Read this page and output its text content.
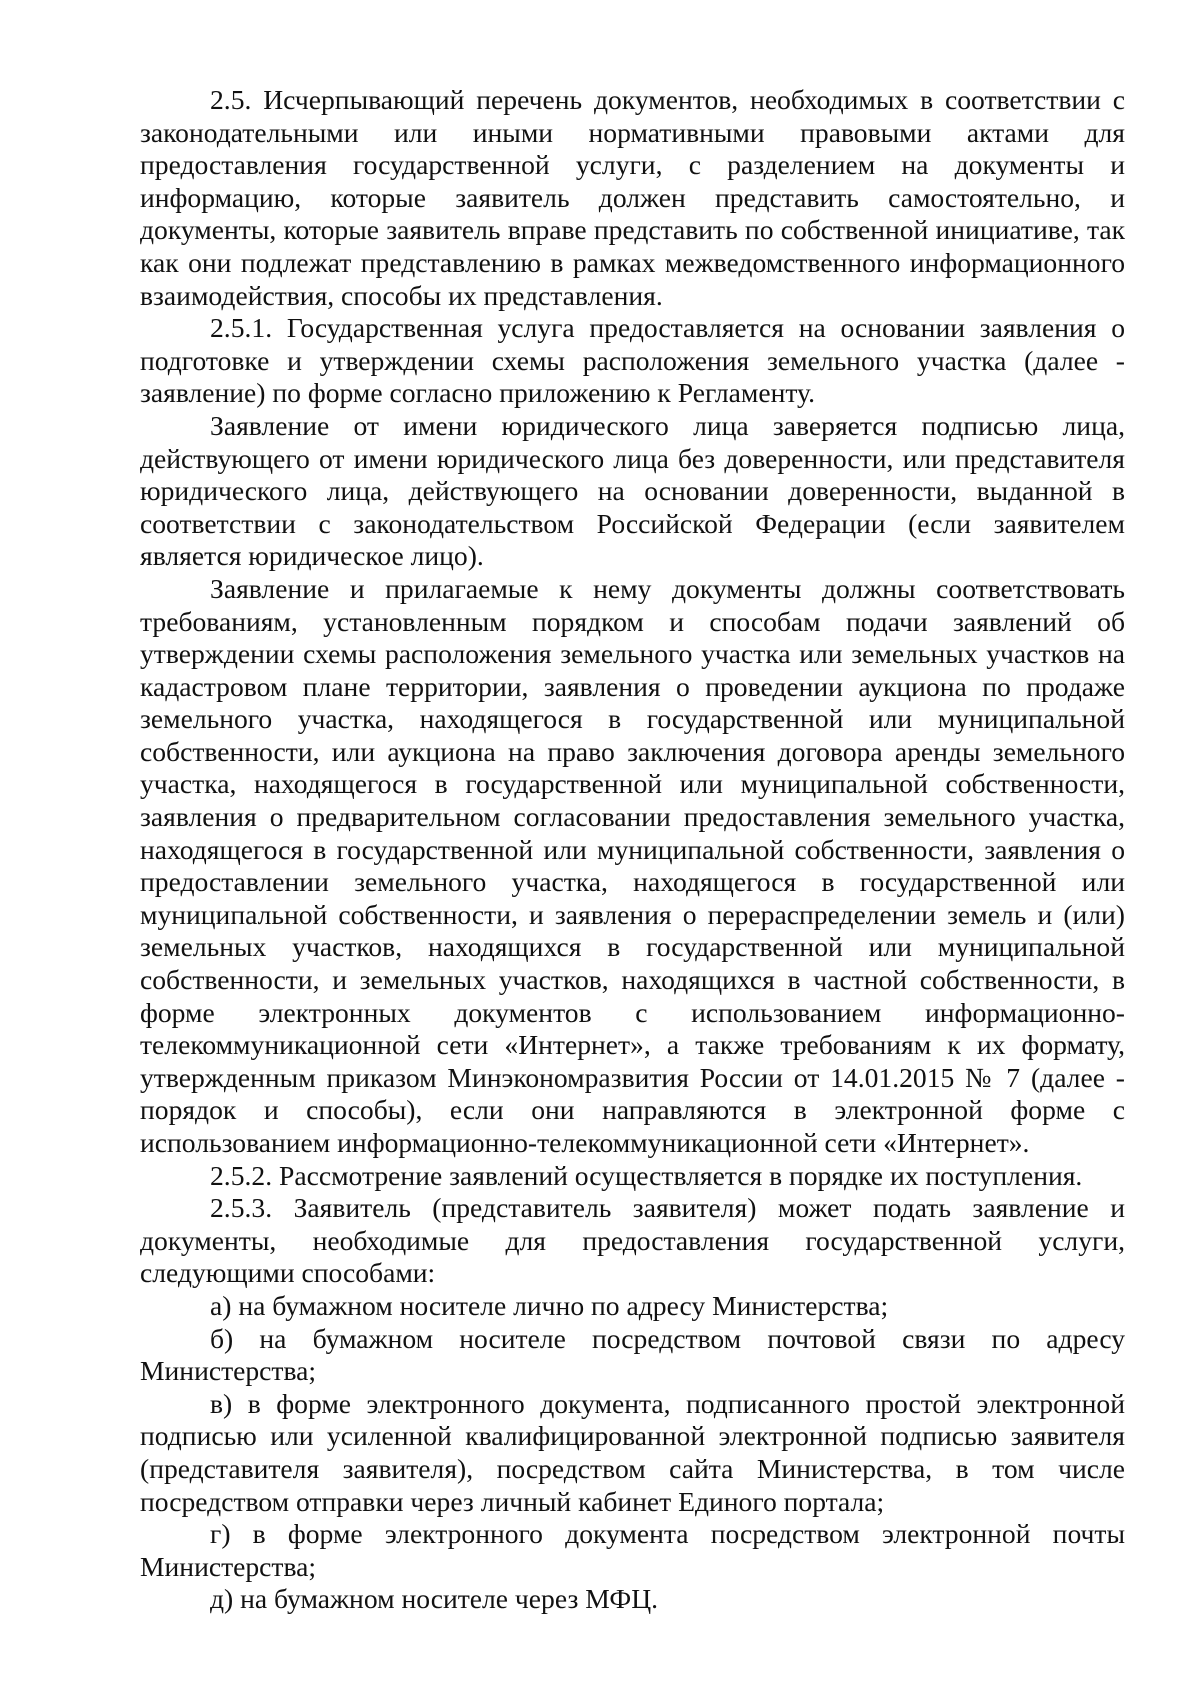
2.5. Исчерпывающий перечень документов, необходимых в соответствии с законодательными или иными нормативными правовыми актами для предоставления государственной услуги, с разделением на документы и информацию, которые заявитель должен представить самостоятельно, и документы, которые заявитель вправе представить по собственной инициативе, так как они подлежат представлению в рамках межведомственного информационного взаимодействия, способы их представления.

2.5.1. Государственная услуга предоставляется на основании заявления о подготовке и утверждении схемы расположения земельного участка (далее - заявление) по форме согласно приложению к Регламенту.

Заявление от имени юридического лица заверяется подписью лица, действующего от имени юридического лица без доверенности, или представителя юридического лица, действующего на основании доверенности, выданной в соответствии с законодательством Российской Федерации (если заявителем является юридическое лицо).

Заявление и прилагаемые к нему документы должны соответствовать требованиям, установленным порядком и способам подачи заявлений об утверждении схемы расположения земельного участка или земельных участков на кадастровом плане территории, заявления о проведении аукциона по продаже земельного участка, находящегося в государственной или муниципальной собственности, или аукциона на право заключения договора аренды земельного участка, находящегося в государственной или муниципальной собственности, заявления о предварительном согласовании предоставления земельного участка, находящегося в государственной или муниципальной собственности, заявления о предоставлении земельного участка, находящегося в государственной или муниципальной собственности, и заявления о перераспределении земель и (или) земельных участков, находящихся в государственной или муниципальной собственности, и земельных участков, находящихся в частной собственности, в форме электронных документов с использованием информационно-телекоммуникационной сети «Интернет», а также требованиям к их формату, утвержденным приказом Минэкономразвития России от 14.01.2015 № 7 (далее - порядок и способы), если они направляются в электронной форме с использованием информационно-телекоммуникационной сети «Интернет».

2.5.2. Рассмотрение заявлений осуществляется в порядке их поступления.

2.5.3. Заявитель (представитель заявителя) может подать заявление и документы, необходимые для предоставления государственной услуги, следующими способами:

а) на бумажном носителе лично по адресу Министерства;

б) на бумажном носителе посредством почтовой связи по адресу Министерства;

в) в форме электронного документа, подписанного простой электронной подписью или усиленной квалифицированной электронной подписью заявителя (представителя заявителя), посредством сайта Министерства, в том числе посредством отправки через личный кабинет Единого портала;

г) в форме электронного документа посредством электронной почты Министерства;

д) на бумажном носителе через МФЦ.
